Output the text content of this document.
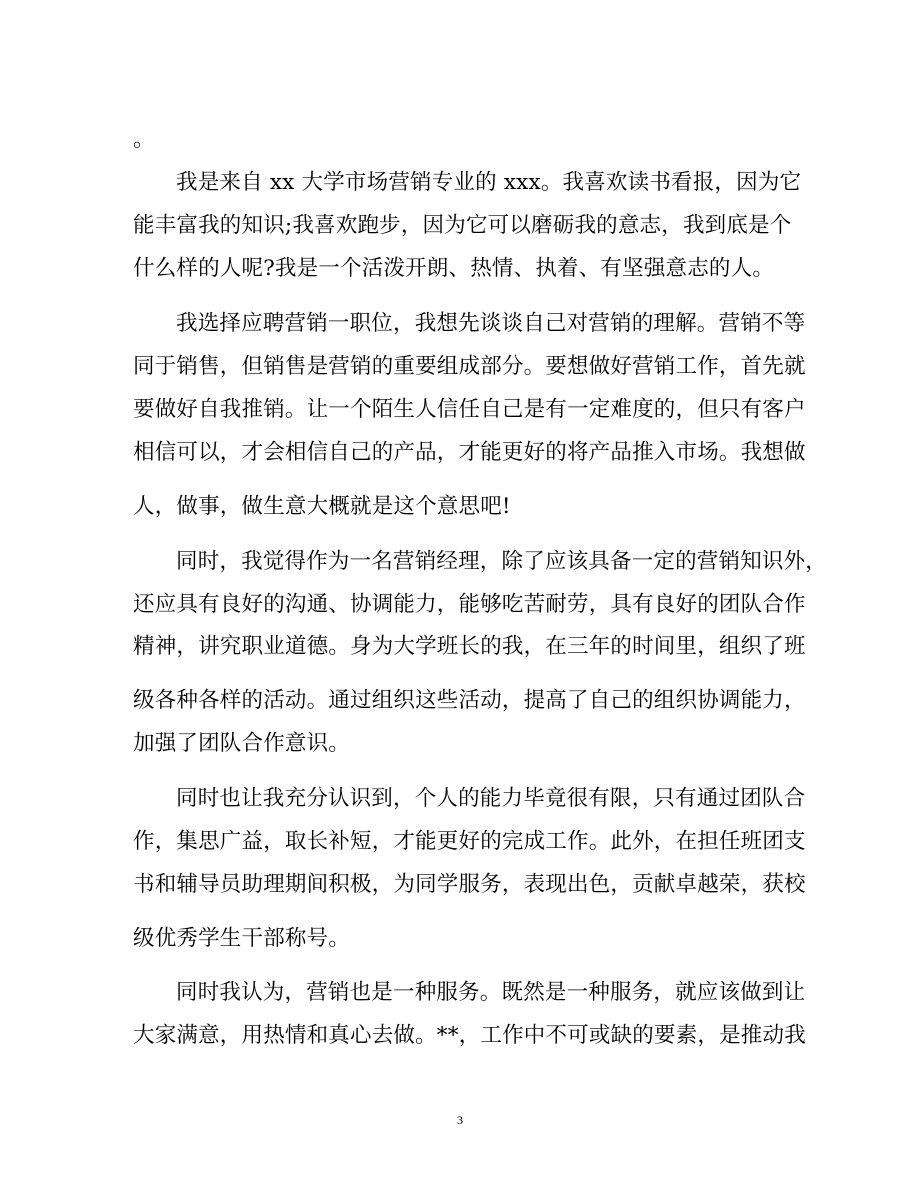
。
我是来自 xx 大学市场营销专业的 xxx。我喜欢读书看报，因为它
能丰富我的知识;我喜欢跑步，因为它可以磨砺我的意志，我到底是个
什么样的人呢?我是一个活泼开朗、热情、执着、有坚强意志的人。
我选择应聘营销一职位，我想先谈谈自己对营销的理解。营销不等
同于销售，但销售是营销的重要组成部分。要想做好营销工作，首先就
要做好自我推销。让一个陌生人信任自己是有一定难度的，但只有客户
相信可以，才会相信自己的产品，才能更好的将产品推入市场。我想做
人，做事，做生意大概就是这个意思吧!
同时，我觉得作为一名营销经理，除了应该具备一定的营销知识外，
还应具有良好的沟通、协调能力，能够吃苦耐劳，具有良好的团队合作
精神，讲究职业道德。身为大学班长的我，在三年的时间里，组织了班
级各种各样的活动。通过组织这些活动，提高了自己的组织协调能力，
加强了团队合作意识。
同时也让我充分认识到，个人的能力毕竟很有限，只有通过团队合
作，集思广益，取长补短，才能更好的完成工作。此外，在担任班团支
书和辅导员助理期间积极，为同学服务，表现出色，贡献卓越荣，获校
级优秀学生干部称号。
同时我认为，营销也是一种服务。既然是一种服务，就应该做到让
大家满意，用热情和真心去做。**，工作中不可或缺的要素，是推动我
3
